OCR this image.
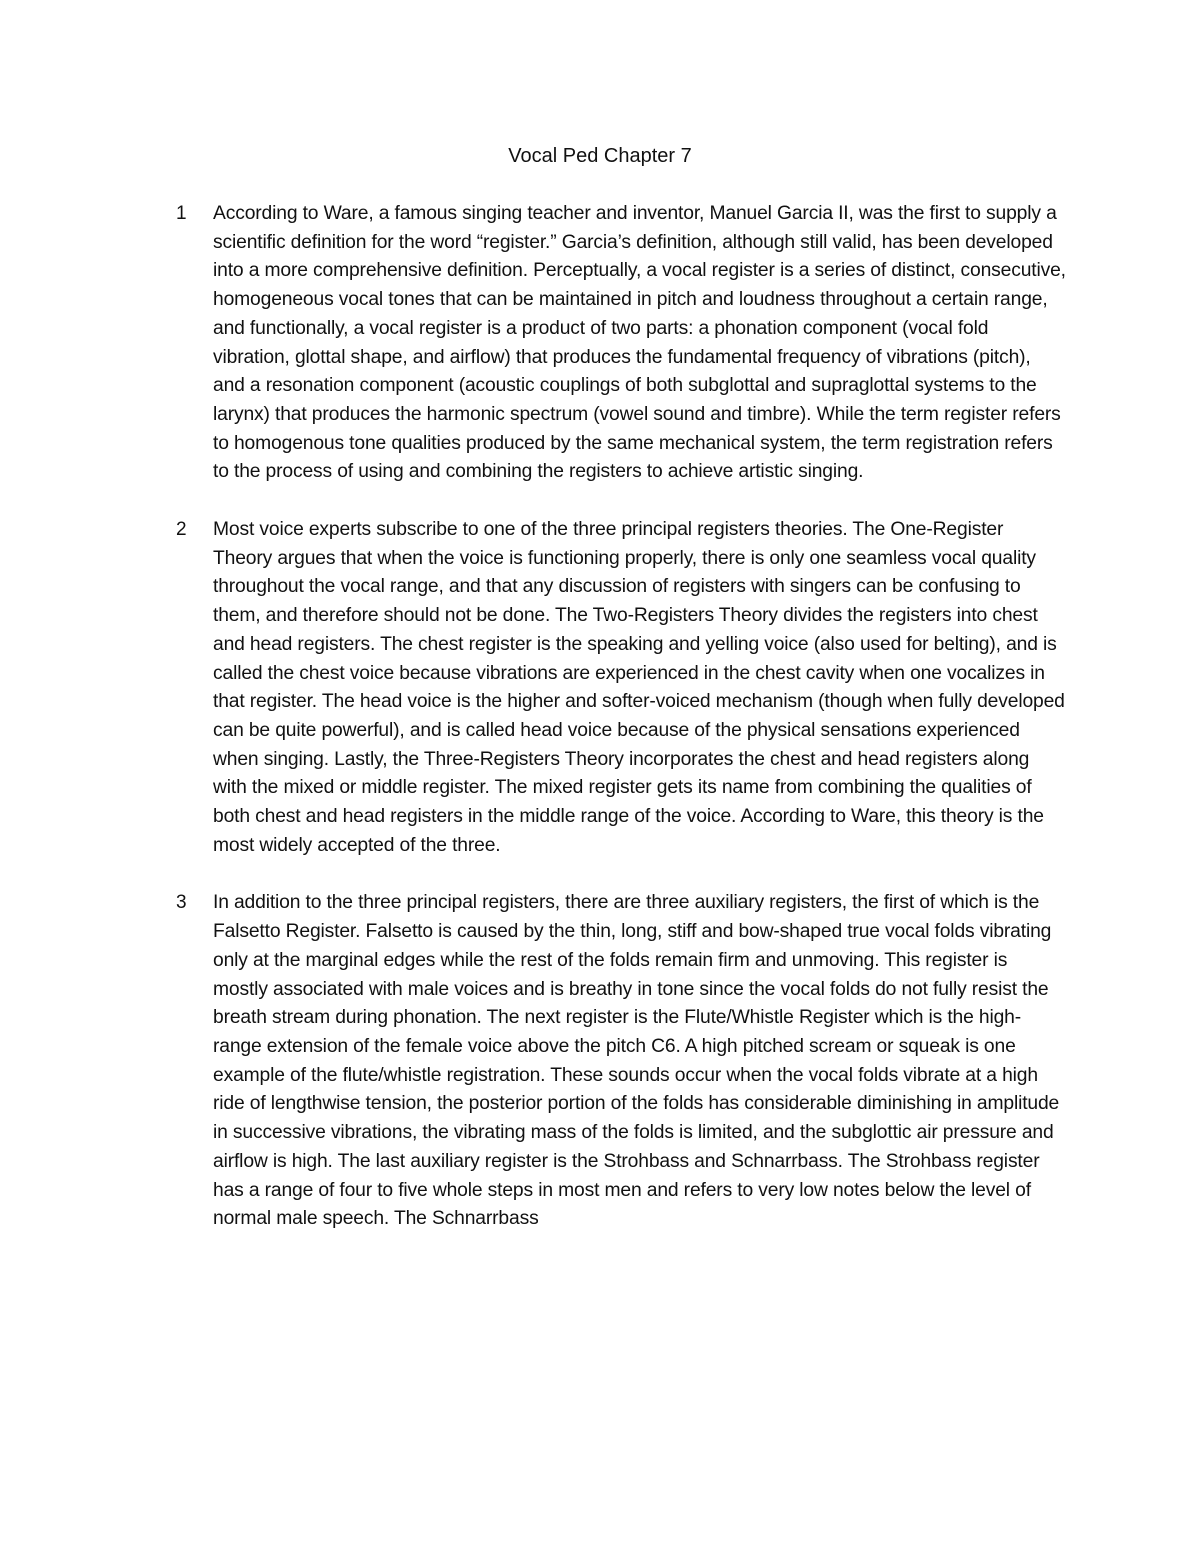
Vocal Ped Chapter 7
1	According to Ware, a famous singing teacher and inventor, Manuel Garcia II, was the first to supply a scientific definition for the word “register.” Garcia’s definition, although still valid, has been developed into a more comprehensive definition. Perceptually, a vocal register is a series of distinct, consecutive, homogeneous vocal tones that can be maintained in pitch and loudness throughout a certain range, and functionally, a vocal register is a product of two parts: a phonation component (vocal fold vibration, glottal shape, and airflow) that produces the fundamental frequency of vibrations (pitch), and a resonation component (acoustic couplings of both subglottal and supraglottal systems to the larynx) that produces the harmonic spectrum (vowel sound and timbre). While the term register refers to homogenous tone qualities produced by the same mechanical system, the term registration refers to the process of using and combining the registers to achieve artistic singing.
2	Most voice experts subscribe to one of the three principal registers theories. The One-Register Theory argues that when the voice is functioning properly, there is only one seamless vocal quality throughout the vocal range, and that any discussion of registers with singers can be confusing to them, and therefore should not be done. The Two-Registers Theory divides the registers into chest and head registers. The chest register is the speaking and yelling voice (also used for belting), and is called the chest voice because vibrations are experienced in the chest cavity when one vocalizes in that register. The head voice is the higher and softer-voiced mechanism (though when fully developed can be quite powerful), and is called head voice because of the physical sensations experienced when singing. Lastly, the Three-Registers Theory incorporates the chest and head registers along with the mixed or middle register. The mixed register gets its name from combining the qualities of both chest and head registers in the middle range of the voice. According to Ware, this theory is the most widely accepted of the three.
3	In addition to the three principal registers, there are three auxiliary registers, the first of which is the Falsetto Register. Falsetto is caused by the thin, long, stiff and bow-shaped true vocal folds vibrating only at the marginal edges while the rest of the folds remain firm and unmoving. This register is mostly associated with male voices and is breathy in tone since the vocal folds do not fully resist the breath stream during phonation. The next register is the Flute/Whistle Register which is the high-range extension of the female voice above the pitch C6. A high pitched scream or squeak is one example of the flute/whistle registration. These sounds occur when the vocal folds vibrate at a high ride of lengthwise tension, the posterior portion of the folds has considerable diminishing in amplitude in successive vibrations, the vibrating mass of the folds is limited, and the subglottic air pressure and airflow is high. The last auxiliary register is the Strohbass and Schnarrbass. The Strohbass register has a range of four to five whole steps in most men and refers to very low notes below the level of normal male speech. The Schnarrbass
